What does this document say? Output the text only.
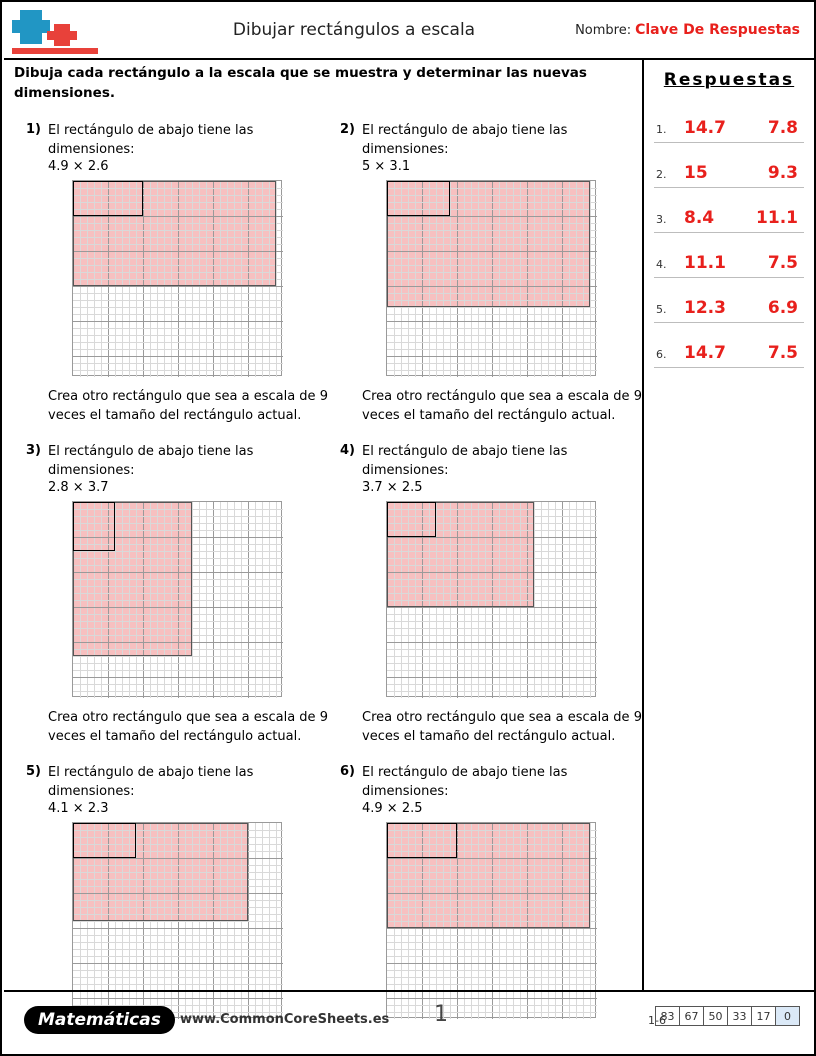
Dibujar rectángulos a escala	Nombre: Clave De Respuestas
Dibuja cada rectángulo a la escala que se muestra y determinar las nuevas dimensiones.
Respuestas
1. 14.7 7.8
2. 15	9.3
3. 8.4 11.1
4. 11.1 7.5
5. 12.3 6.9
6. 14.7 7.5
1) El rectángulo de abajo tiene las dimensiones:
4.9 × 2.6
Crea otro rectángulo que sea a escala de 9 veces el tamaño del rectángulo actual.
2) El rectángulo de abajo tiene las dimensiones:
5 × 3.1
Crea otro rectángulo que sea a escala de 9 veces el tamaño del rectángulo actual.
3) El rectángulo de abajo tiene las dimensiones:
2.8 × 3.7
Crea otro rectángulo que sea a escala de 9 veces el tamaño del rectángulo actual.
4) El rectángulo de abajo tiene las dimensiones:
3.7 × 2.5
Crea otro rectángulo que sea a escala de 9 veces el tamaño del rectángulo actual.
5) El rectángulo de abajo tiene las dimensiones:
4.1 × 2.3
6) El rectángulo de abajo tiene las dimensiones:
4.9 × 2.5
Matemáticas	www.CommonCoreSheets.es 1	1-6
83	67	50	33	17	0
